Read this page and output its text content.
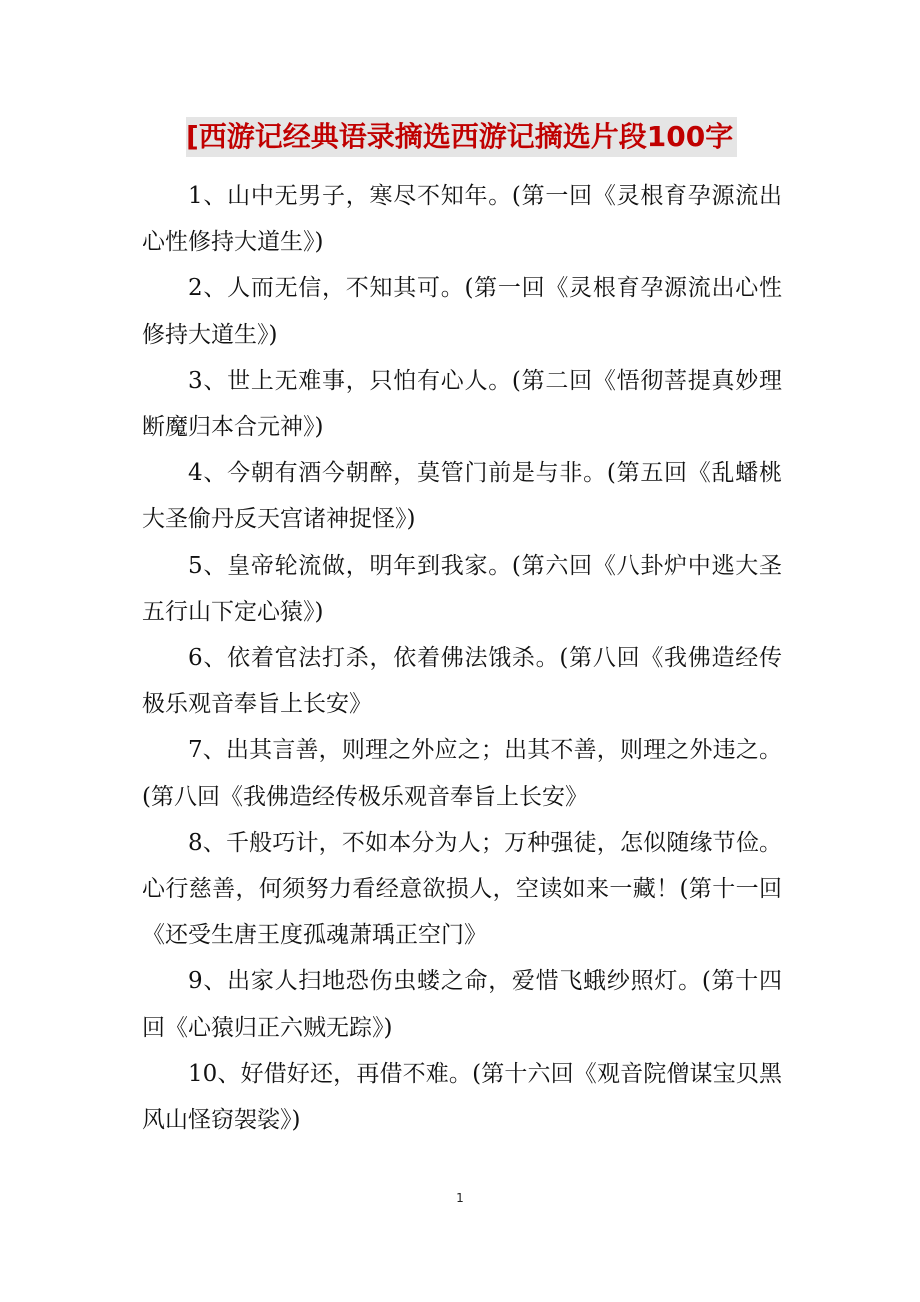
[西游记经典语录摘选西游记摘选片段100字

1、山中无男子，寒尽不知年。(第一回《灵根育孕源流出心性修持大道生》)

2、人而无信，不知其可。(第一回《灵根育孕源流出心性修持大道生》)

3、世上无难事，只怕有心人。(第二回《悟彻菩提真妙理断魔归本合元神》)

4、今朝有酒今朝醉，莫管门前是与非。(第五回《乱蟠桃大圣偷丹反天宫诸神捉怪》)

5、皇帝轮流做，明年到我家。(第六回《八卦炉中逃大圣五行山下定心猿》)

6、依着官法打杀，依着佛法饿杀。(第八回《我佛造经传极乐观音奉旨上长安》

7、出其言善，则理之外应之；出其不善，则理之外违之。(第八回《我佛造经传极乐观音奉旨上长安》

8、千般巧计，不如本分为人；万种强徒，怎似随缘节俭。心行慈善，何须努力看经意欲损人，空读如来一藏！(第十一回《还受生唐王度孤魂萧瑀正空门》

9、出家人扫地恐伤虫蝼之命，爱惜飞蛾纱照灯。(第十四回《心猿归正六贼无踪》)

10、好借好还，再借不难。(第十六回《观音院僧谋宝贝黑风山怪窃袈裟》)

1
